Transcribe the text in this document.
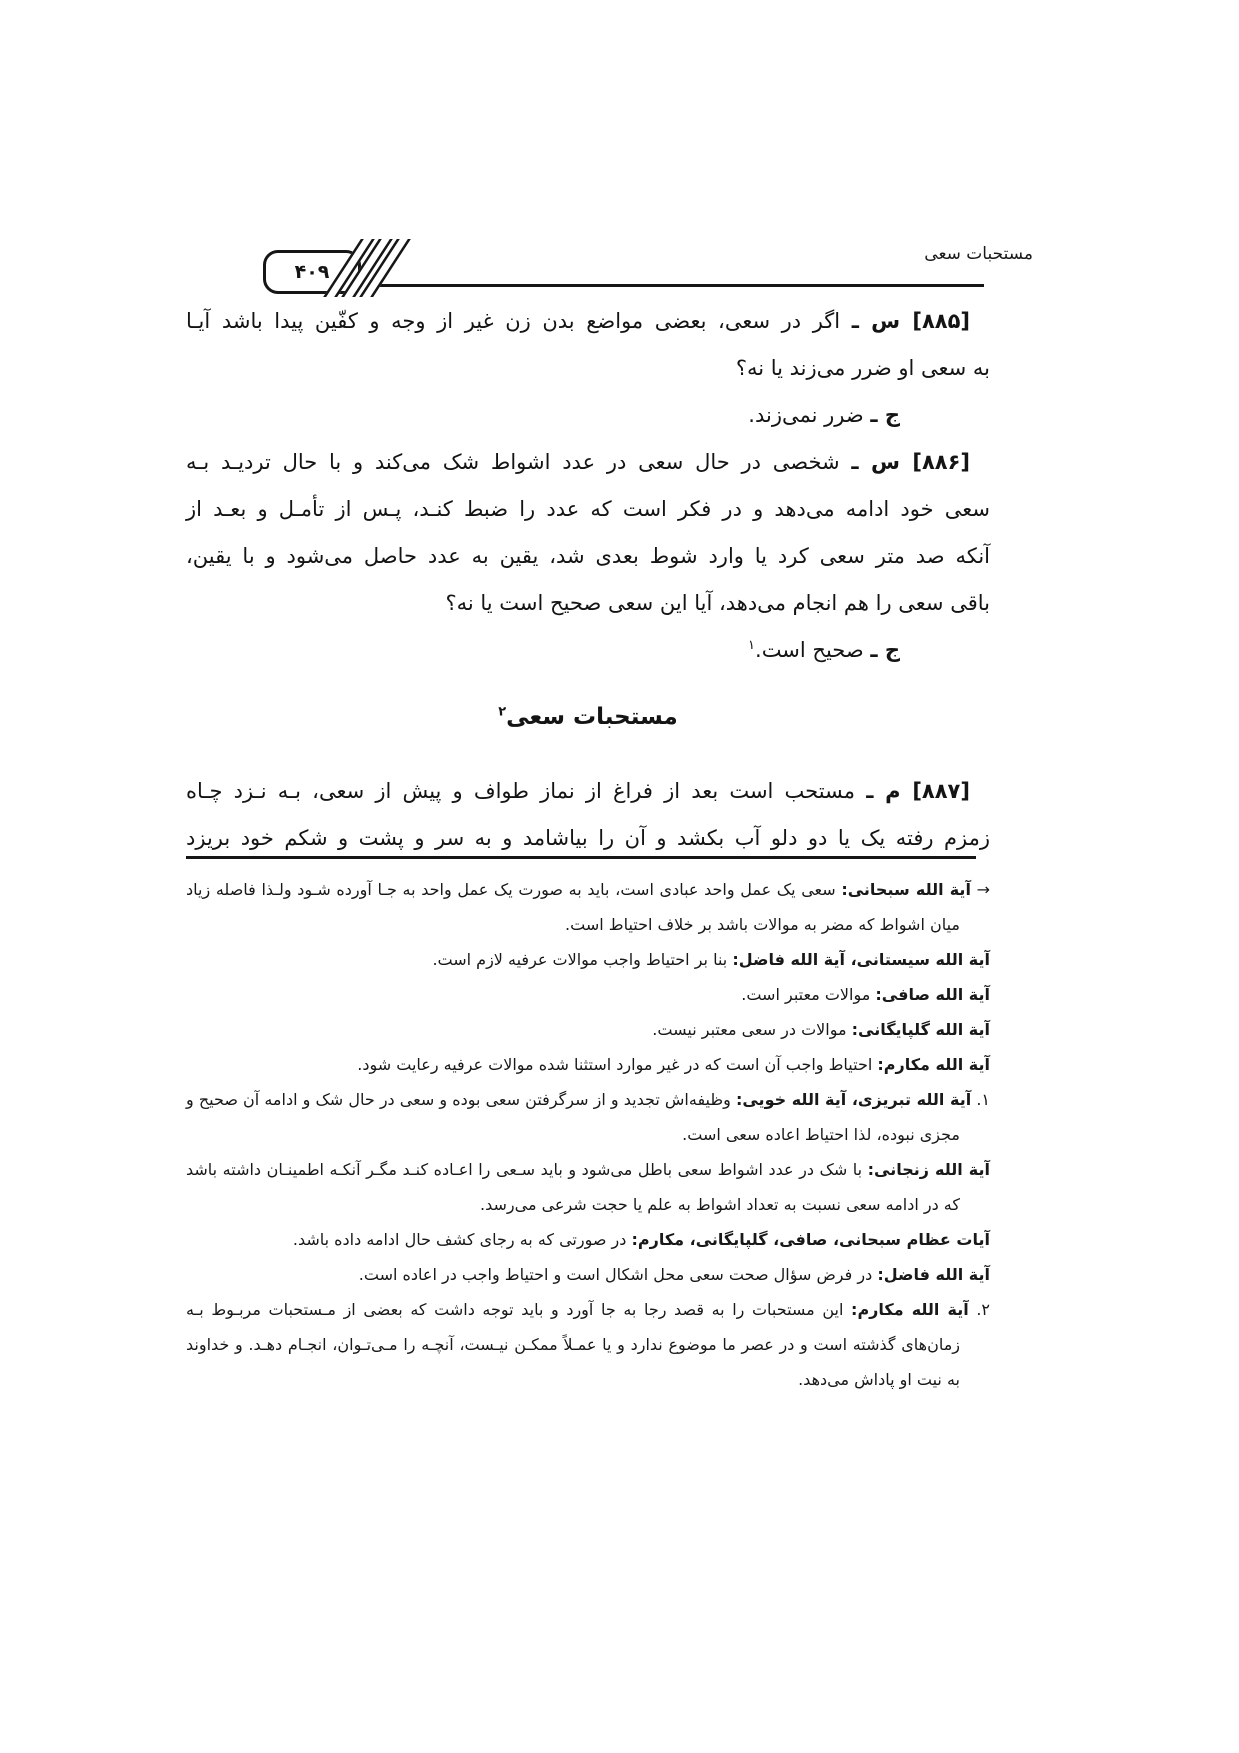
مستحبات سعی
۴۰۹
[۸۸۵] س ـ اگر در سعی، بعضی مواضع بدن زن غیر از وجه و کفّین پیدا باشد آیـا
به سعی او ضرر می‌زند یا نه؟
ج ـ ضرر نمی‌زند.
[۸۸۶] س ـ شخصی در حال سعی در عدد اشواط شک می‌کند و با حال تردیـد بـه
سعی خود ادامه می‌دهد و در فکر است که عدد را ضبط کنـد، پـس از تأمـل و بعـد از
آنکه صد متر سعی کرد یا وارد شوط بعدی شد، یقین به عدد حاصل می‌شود و با یقین،
باقی سعی را هم انجام می‌دهد، آیا این سعی صحیح است یا نه؟
ج ـ صحیح است.$^۱$
مستحبات سعی$^۲$
[۸۸۷] م ـ مستحب است بعد از فراغ از نماز طواف و پیش از سعی، بـه نـزد چـاه
زمزم رفته یک یا دو دلو آب بکشد و آن را بیاشامد و به سر و پشت و شکم خود بریزد
→ آیة الله سبحانی: سعی یک عمل واحد عبادی است، باید به صورت یک عمل واحد به جـا آورده شـود ولـذا فاصله زیاد میان اشواط که مضر به موالات باشد بر خلاف احتیاط است.
آیة الله سیستانی، آیة الله فاضل: بنا بر احتیاط واجب موالات عرفیه لازم است.
آیة الله صافی: موالات معتبر است.
آیة الله گلپایگانی: موالات در سعی معتبر نیست.
آیة الله مکارم: احتیاط واجب آن است که در غیر موارد استثنا شده موالات عرفیه رعایت شود.
۱. آیة الله تبریزی، آیة الله خویی: وظیفه‌اش تجدید و از سرگرفتن سعی بوده و سعی در حال شک و ادامه آن صحیح و مجزی نبوده، لذا احتیاط اعاده سعی است.
آیة الله زنجانی: با شک در عدد اشواط سعی باطل می‌شود و باید سـعی را اعـاده کنـد مگـر آنکـه اطمینـان داشته باشد که در ادامه سعی نسبت به تعداد اشواط به علم یا حجت شرعی می‌رسد.
آیات عظام سبحانی، صافی، گلپایگانی، مکارم: در صورتی که به رجای کشف حال ادامه داده باشد.
آیة الله فاضل: در فرض سؤال صحت سعی محل اشکال است و احتیاط واجب در اعاده است.
۲. آیة الله مکارم: این مستحبات را به قصد رجا به جا آورد و باید توجه داشت که بعضی از مـستحبات مربـوط بـه زمان‌های گذشته است و در عصر ما موضوع ندارد و یا عمـلاً ممکـن نیـست، آنچـه را مـی‌تـوان، انجـام دهـد. و خداوند به نیت او پاداش می‌دهد.
